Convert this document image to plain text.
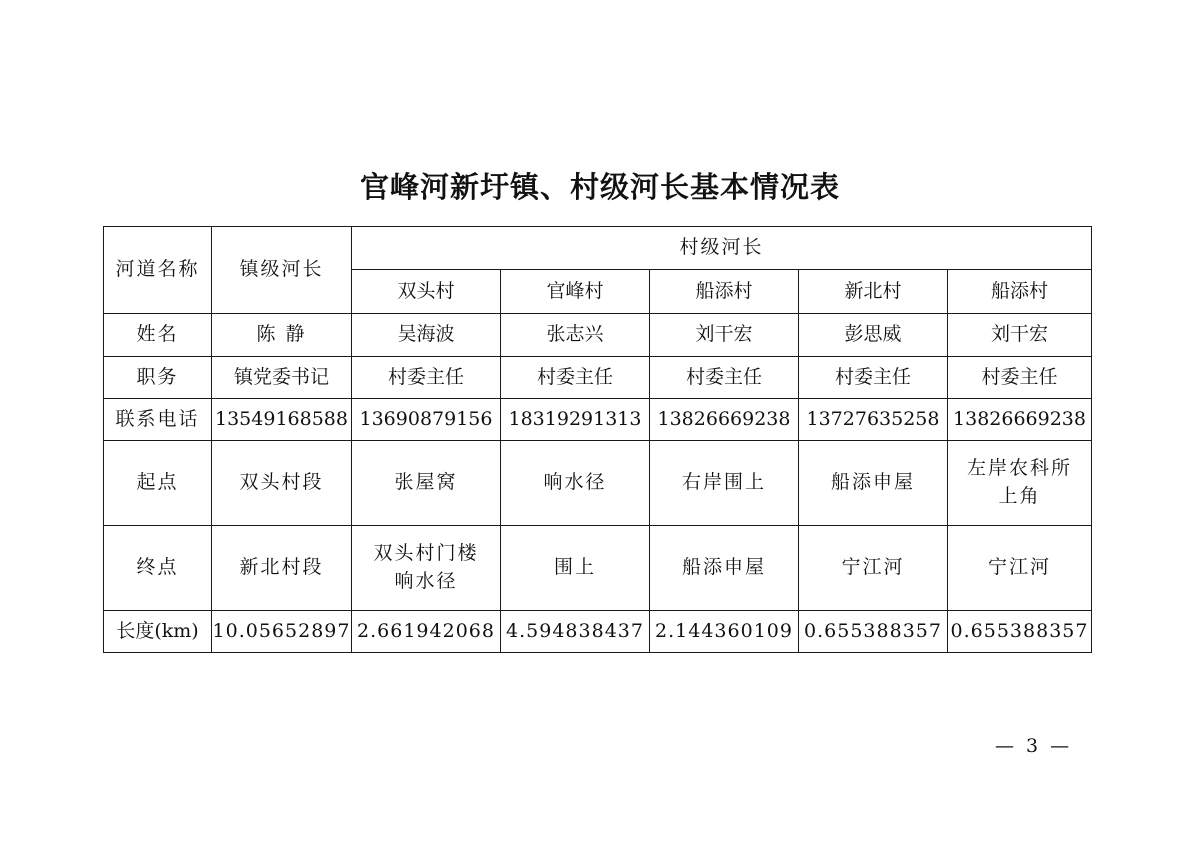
官峰河新圩镇、村级河长基本情况表
河道名称	镇级河长	村级河长				
		双头村	官峰村	船添村	新北村	船添村
姓名	陈 静	吴海波	张志兴	刘干宏	彭思威	刘干宏
职务	镇党委书记	村委主任	村委主任	村委主任	村委主任	村委主任
联系电话	13549168588	13690879156	18319291313	13826669238	13727635258	13826669238
起点	双头村段	张屋窝	响水径	右岸围上	船添申屋	左岸农科所上角
终点	新北村段	双头村门楼响水径	围上	船添申屋	宁江河	宁江河
长度(km)	10.05652897	2.661942068	4.594838437	2.144360109	0.655388357	0.655388357
— 3 —
